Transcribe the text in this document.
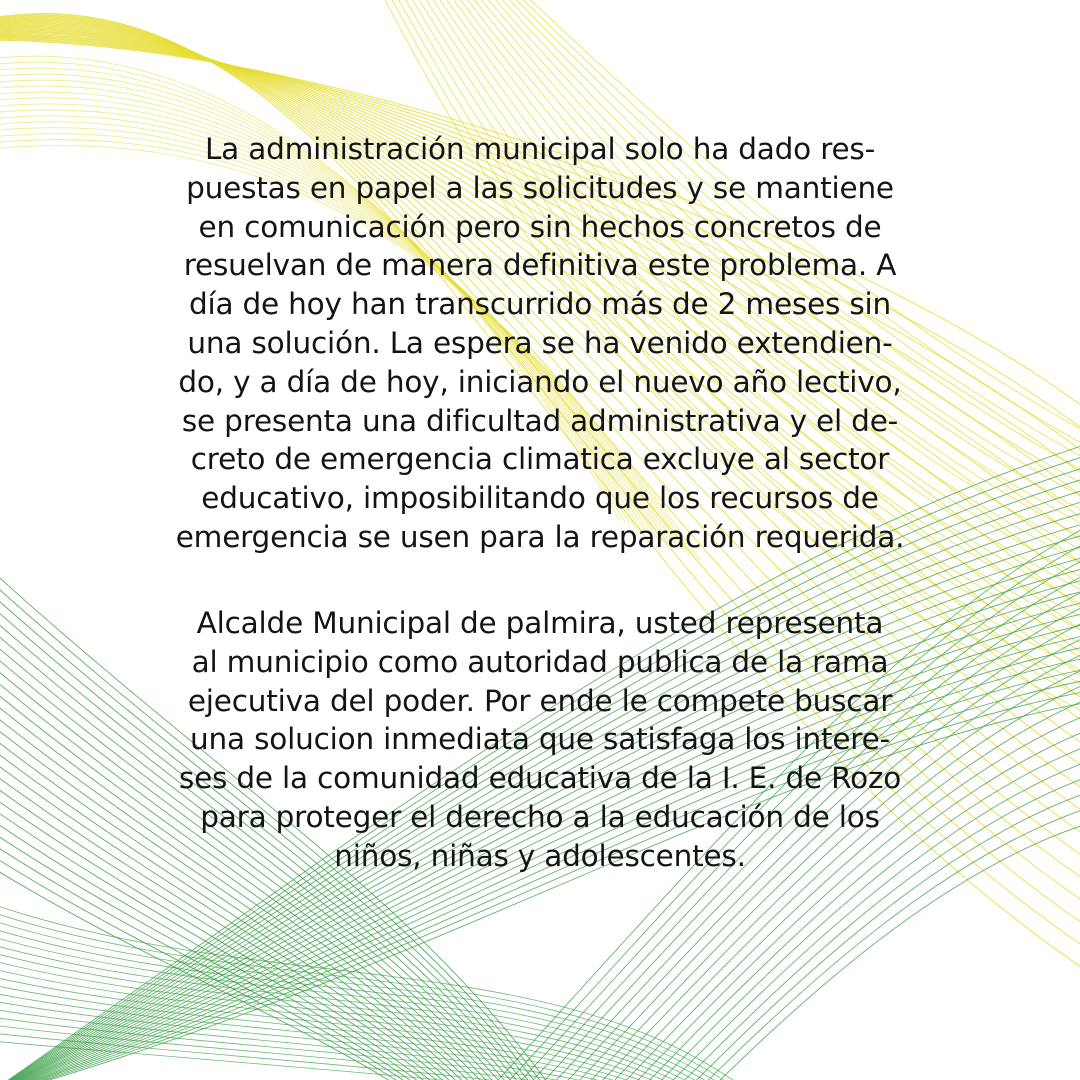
La administración municipal solo ha dado res-
puestas en papel a las solicitudes y se mantiene
en comunicación pero sin hechos concretos de
resuelvan de manera definitiva este problema. A
día de hoy han transcurrido más de 2 meses sin
una solución. La espera se ha venido extendien-
do, y a día de hoy, iniciando el nuevo año lectivo,
se presenta una dificultad administrativa y el de-
creto de emergencia climatica excluye al sector
educativo, imposibilitando que los recursos de
emergencia se usen para la reparación requerida.
Alcalde Municipal de palmira, usted representa
al municipio como autoridad publica de la rama
ejecutiva del poder. Por ende le compete buscar
una solucion inmediata que satisfaga los intere-
ses de la comunidad educativa de la I. E. de Rozo
para proteger el derecho a la educación de los
niños, niñas y adolescentes.
